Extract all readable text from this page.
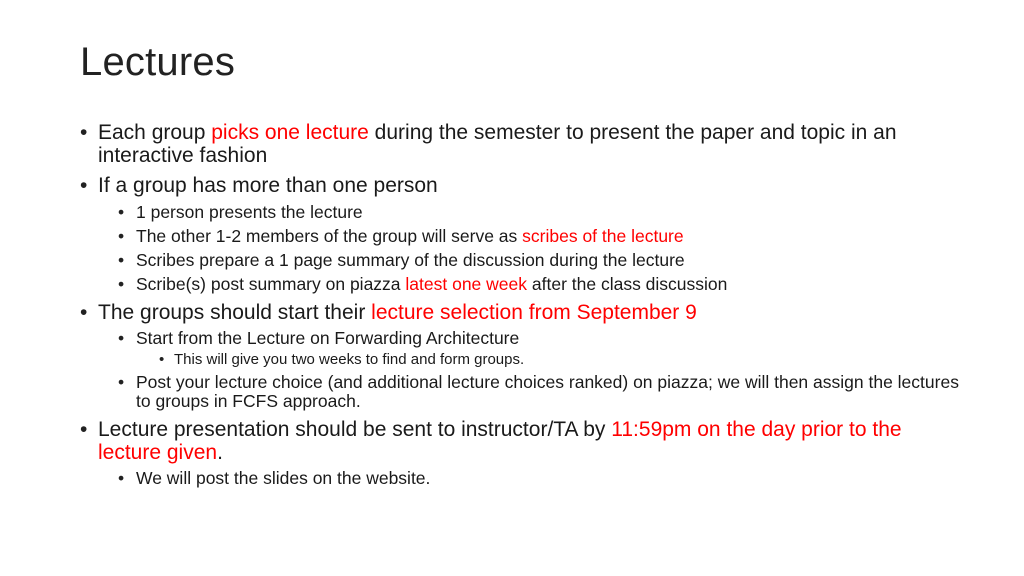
Lectures
• Each group picks one lecture during the semester to present the paper and topic in an interactive fashion
• If a group has more than one person
• 1 person presents the lecture
• The other 1-2 members of the group will serve as scribes of the lecture
• Scribes prepare a 1 page summary of the discussion during the lecture
• Scribe(s) post summary on piazza latest one week after the class discussion
• The groups should start their lecture selection from September 9
• Start from the Lecture on Forwarding Architecture
• This will give you two weeks to find and form groups.
• Post your lecture choice (and additional lecture choices ranked) on piazza; we will then assign the lectures to groups in FCFS approach.
• Lecture presentation should be sent to instructor/TA by 11:59pm on the day prior to the lecture given.
• We will post the slides on the website.
